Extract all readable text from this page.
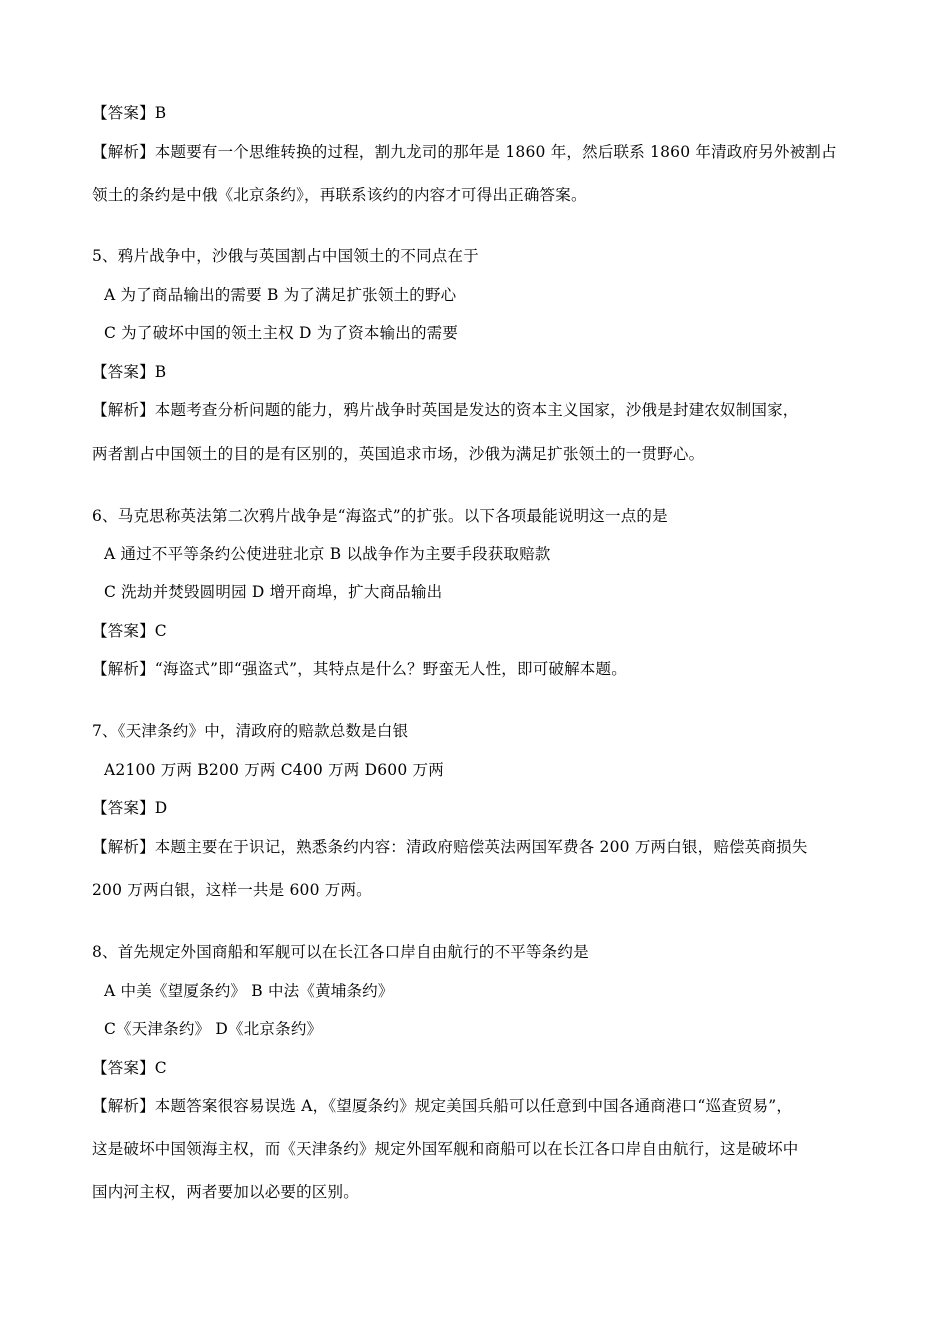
【答案】B
【解析】本题要有一个思维转换的过程，割九龙司的那年是 1860 年，然后联系 1860 年清政府另外被割占
领土的条约是中俄《北京条约》，再联系该约的内容才可得出正确答案。
5、鸦片战争中，沙俄与英国割占中国领土的不同点在于
A 为了商品输出的需要 B 为了满足扩张领土的野心
C 为了破坏中国的领土主权 D 为了资本输出的需要
【答案】B
【解析】本题考查分析问题的能力，鸦片战争时英国是发达的资本主义国家，沙俄是封建农奴制国家，
两者割占中国领土的目的是有区别的，英国追求市场，沙俄为满足扩张领土的一贯野心。
6、马克思称英法第二次鸦片战争是“海盗式”的扩张。以下各项最能说明这一点的是
A 通过不平等条约公使进驻北京 B 以战争作为主要手段获取赔款
C 洗劫并焚毁圆明园 D 增开商埠，扩大商品输出
【答案】C
【解析】“海盗式”即“强盗式”，其特点是什么？野蛮无人性，即可破解本题。
7、《天津条约》中，清政府的赔款总数是白银
A2100 万两 B200 万两 C400 万两 D600 万两
【答案】D
【解析】本题主要在于识记，熟悉条约内容：清政府赔偿英法两国军费各 200 万两白银，赔偿英商损失
200 万两白银，这样一共是 600 万两。
8、首先规定外国商船和军舰可以在长江各口岸自由航行的不平等条约是
A 中美《望厦条约》 B 中法《黄埔条约》
C《天津条约》 D《北京条约》
【答案】C
【解析】本题答案很容易误选 A，《望厦条约》规定美国兵船可以任意到中国各通商港口“巡查贸易”，
这是破坏中国领海主权，而《天津条约》规定外国军舰和商船可以在长江各口岸自由航行，这是破坏中
国内河主权，两者要加以必要的区别。
